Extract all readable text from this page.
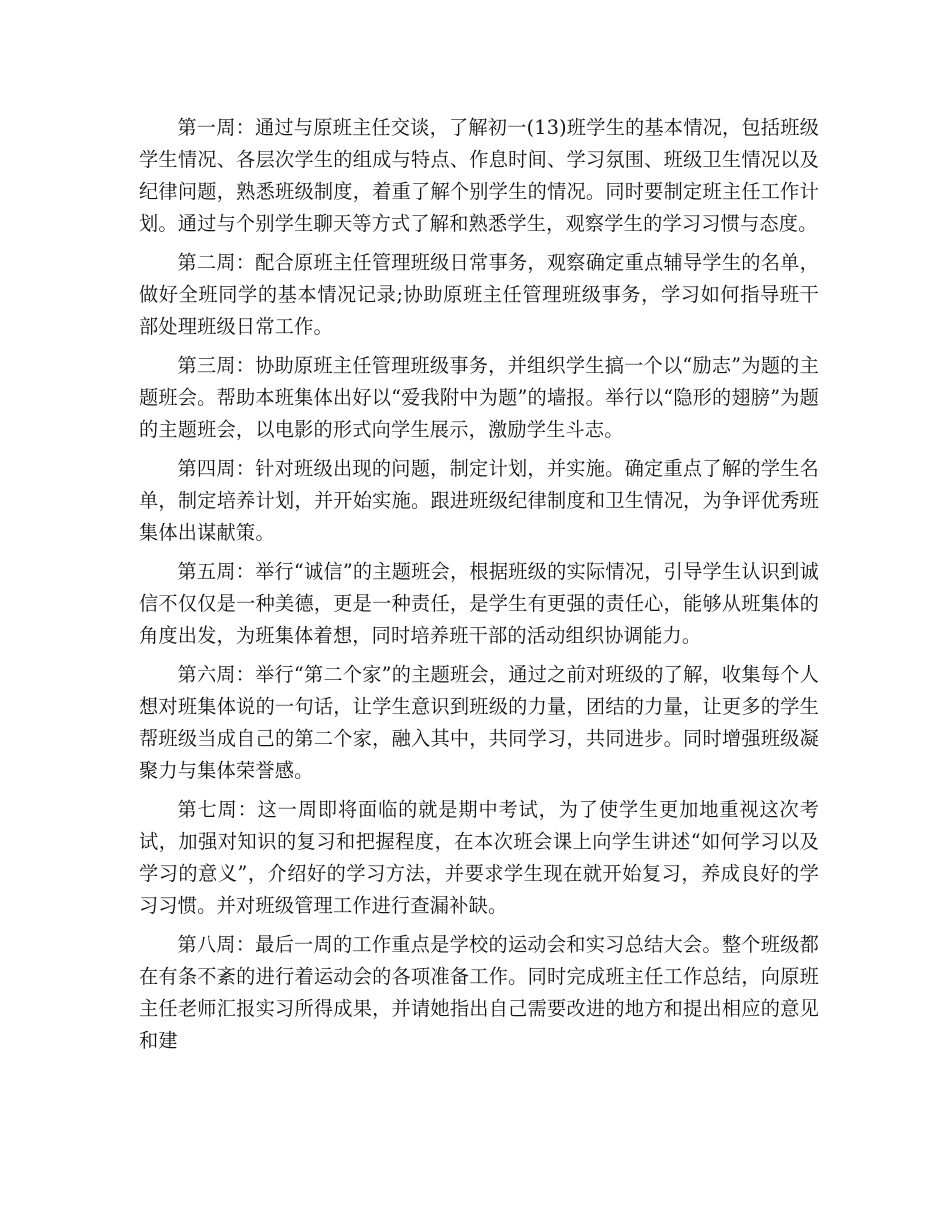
第一周：通过与原班主任交谈，了解初一(13)班学生的基本情况，包括班级学生情况、各层次学生的组成与特点、作息时间、学习氛围、班级卫生情况以及纪律问题，熟悉班级制度，着重了解个别学生的情况。同时要制定班主任工作计划。通过与个别学生聊天等方式了解和熟悉学生，观察学生的学习习惯与态度。

第二周：配合原班主任管理班级日常事务，观察确定重点辅导学生的名单，做好全班同学的基本情况记录;协助原班主任管理班级事务，学习如何指导班干部处理班级日常工作。

第三周：协助原班主任管理班级事务，并组织学生搞一个以“励志”为题的主题班会。帮助本班集体出好以“爱我附中为题”的墙报。举行以“隐形的翅膀”为题的主题班会，以电影的形式向学生展示，激励学生斗志。

第四周：针对班级出现的问题，制定计划，并实施。确定重点了解的学生名单，制定培养计划，并开始实施。跟进班级纪律制度和卫生情况，为争评优秀班集体出谋献策。

第五周：举行“诚信”的主题班会，根据班级的实际情况，引导学生认识到诚信不仅仅是一种美德，更是一种责任，是学生有更强的责任心，能够从班集体的角度出发，为班集体着想，同时培养班干部的活动组织协调能力。

第六周：举行“第二个家”的主题班会，通过之前对班级的了解，收集每个人想对班集体说的一句话，让学生意识到班级的力量，团结的力量，让更多的学生帮班级当成自己的第二个家，融入其中，共同学习，共同进步。同时增强班级凝聚力与集体荣誉感。

第七周：这一周即将面临的就是期中考试，为了使学生更加地重视这次考试，加强对知识的复习和把握程度，在本次班会课上向学生讲述“如何学习以及学习的意义”，介绍好的学习方法，并要求学生现在就开始复习，养成良好的学习习惯。并对班级管理工作进行查漏补缺。

第八周：最后一周的工作重点是学校的运动会和实习总结大会。整个班级都在有条不紊的进行着运动会的各项准备工作。同时完成班主任工作总结，向原班主任老师汇报实习所得成果，并请她指出自己需要改进的地方和提出相应的意见和建
